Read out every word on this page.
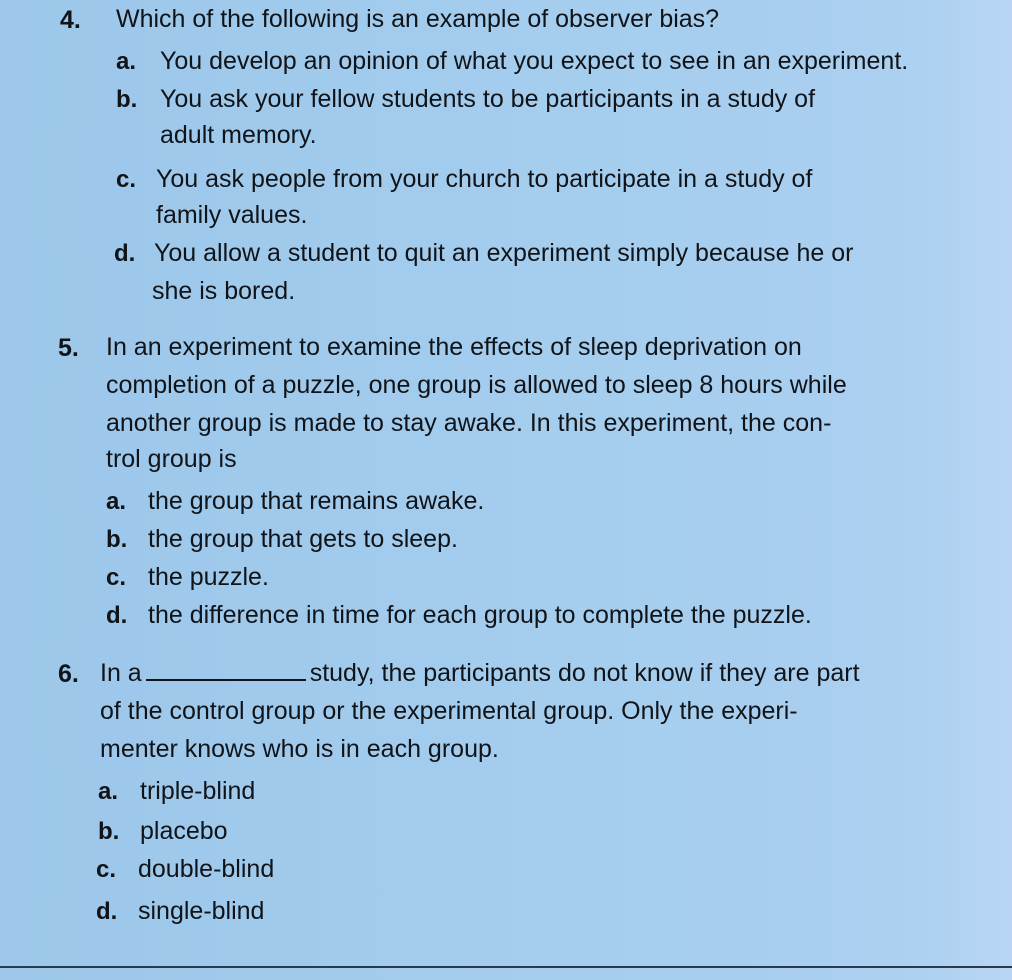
4. Which of the following is an example of observer bias?
a. You develop an opinion of what you expect to see in an experiment.
b. You ask your fellow students to be participants in a study of
adult memory.
c. You ask people from your church to participate in a study of
family values.
d. You allow a student to quit an experiment simply because he or
she is bored.
5. In an experiment to examine the effects of sleep deprivation on
completion of a puzzle, one group is allowed to sleep 8 hours while
another group is made to stay awake. In this experiment, the con-
trol group is
a. the group that remains awake.
b. the group that gets to sleep.
c. the puzzle.
d. the difference in time for each group to complete the puzzle.
6. In a	study, the participants do not know if they are part
of the control group or the experimental group. Only the experi-
menter knows who is in each group.
a. triple-blind
b. placebo
c. double-blind
d. single-blind
